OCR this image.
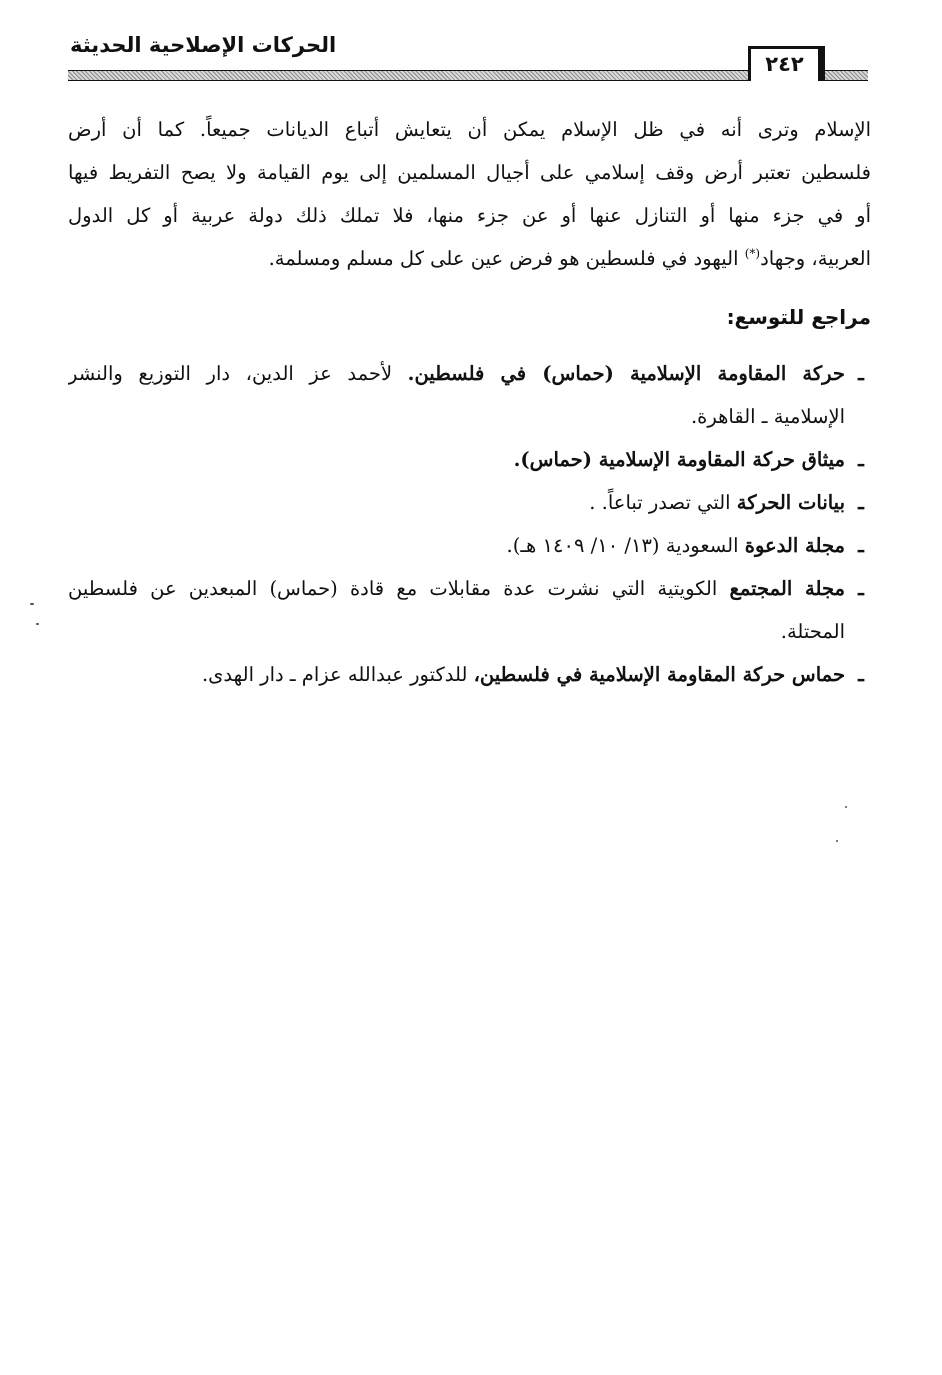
الحركات الإصلاحية الحديثة
٢٤٢
الإسلام وترى أنه في ظل الإسلام يمكن أن يتعايش أتباع الديانات جميعاً. كما أن أرض
فلسطين تعتبر أرض وقف إسلامي على أجيال المسلمين إلى يوم القيامة ولا يصح التفريط فيها
أو في جزء منها أو التنازل عنها أو عن جزء منها، فلا تملك ذلك دولة عربية أو كل الدول
العربية، وجهاد(*) اليهود في فلسطين هو فرض عين على كل مسلم ومسلمة.
مراجع للتوسع:
ـ
حركة المقاومة الإسلامية (حماس) في فلسطين. لأحمد عز الدين، دار التوزيع والنشر
الإسلامية ـ القاهرة.
ـ
ميثاق حركة المقاومة الإسلامية (حماس).
ـ
بيانات الحركة التي تصدر تباعاً. .
ـ
مجلة الدعوة السعودية (١٣/ ١٠/ ١٤٠٩ هـ).
ـ
مجلة المجتمع الكويتية التي نشرت عدة مقابلات مع قادة (حماس) المبعدين عن فلسطين
المحتلة.
ـ
حماس حركة المقاومة الإسلامية في فلسطين، للدكتور عبدالله عزام ـ دار الهدى.
